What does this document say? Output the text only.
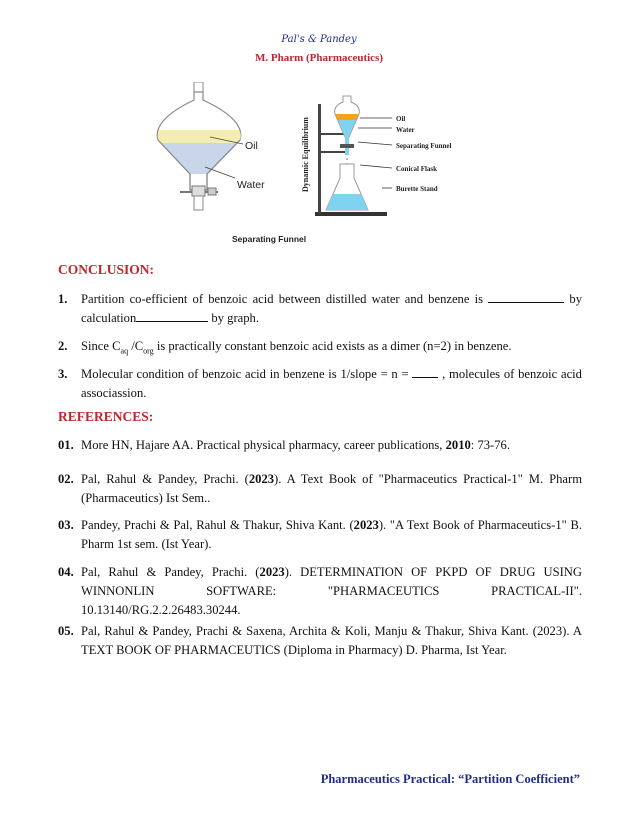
Pal's & Pandey
M. Pharm (Pharmaceutics)
Oil
Water
Separating Funnel
Dynamic Equilibrium	Oil
Water
Separating Funnel
Conical Flask
Burette Stand
CONCLUSION:
1. Partition co-efficient of benzoic acid between distilled water and benzene is	by calculation	by graph.
2. Since $C_{aq}$ $/C_{org}$ is practically constant benzoic acid exists as a dimer (n=2) in benzene.
3. Molecular condition of benzoic acid in benzene is 1/slope = n =	, molecules of benzoic acid associassion.
REFERENCES:
01. More HN, Hajare AA. Practical physical pharmacy, career publications, 2010: 73-76.
02. Pal, Rahul & Pandey, Prachi. (2023). A Text Book of "Pharmaceutics Practical-1" M. Pharm (Pharmaceutics) Ist Sem..
03. Pandey, Prachi & Pal, Rahul & Thakur, Shiva Kant. (2023). "A Text Book of Pharmaceutics-1" B. Pharm 1st sem. (Ist Year).
04. Pal, Rahul & Pandey, Prachi. (2023). DETERMINATION OF PKPD OF DRUG USING WINNONLIN SOFTWARE: "PHARMACEUTICS PRACTICAL-II". 10.13140/RG.2.2.26483.30244.
05. Pal, Rahul & Pandey, Prachi & Saxena, Archita & Koli, Manju & Thakur, Shiva Kant. (2023). A TEXT BOOK OF PHARMACEUTICS (Diploma in Pharmacy) D. Pharma, Ist Year.
Pharmaceutics Practical: “Partition Coefficient”
